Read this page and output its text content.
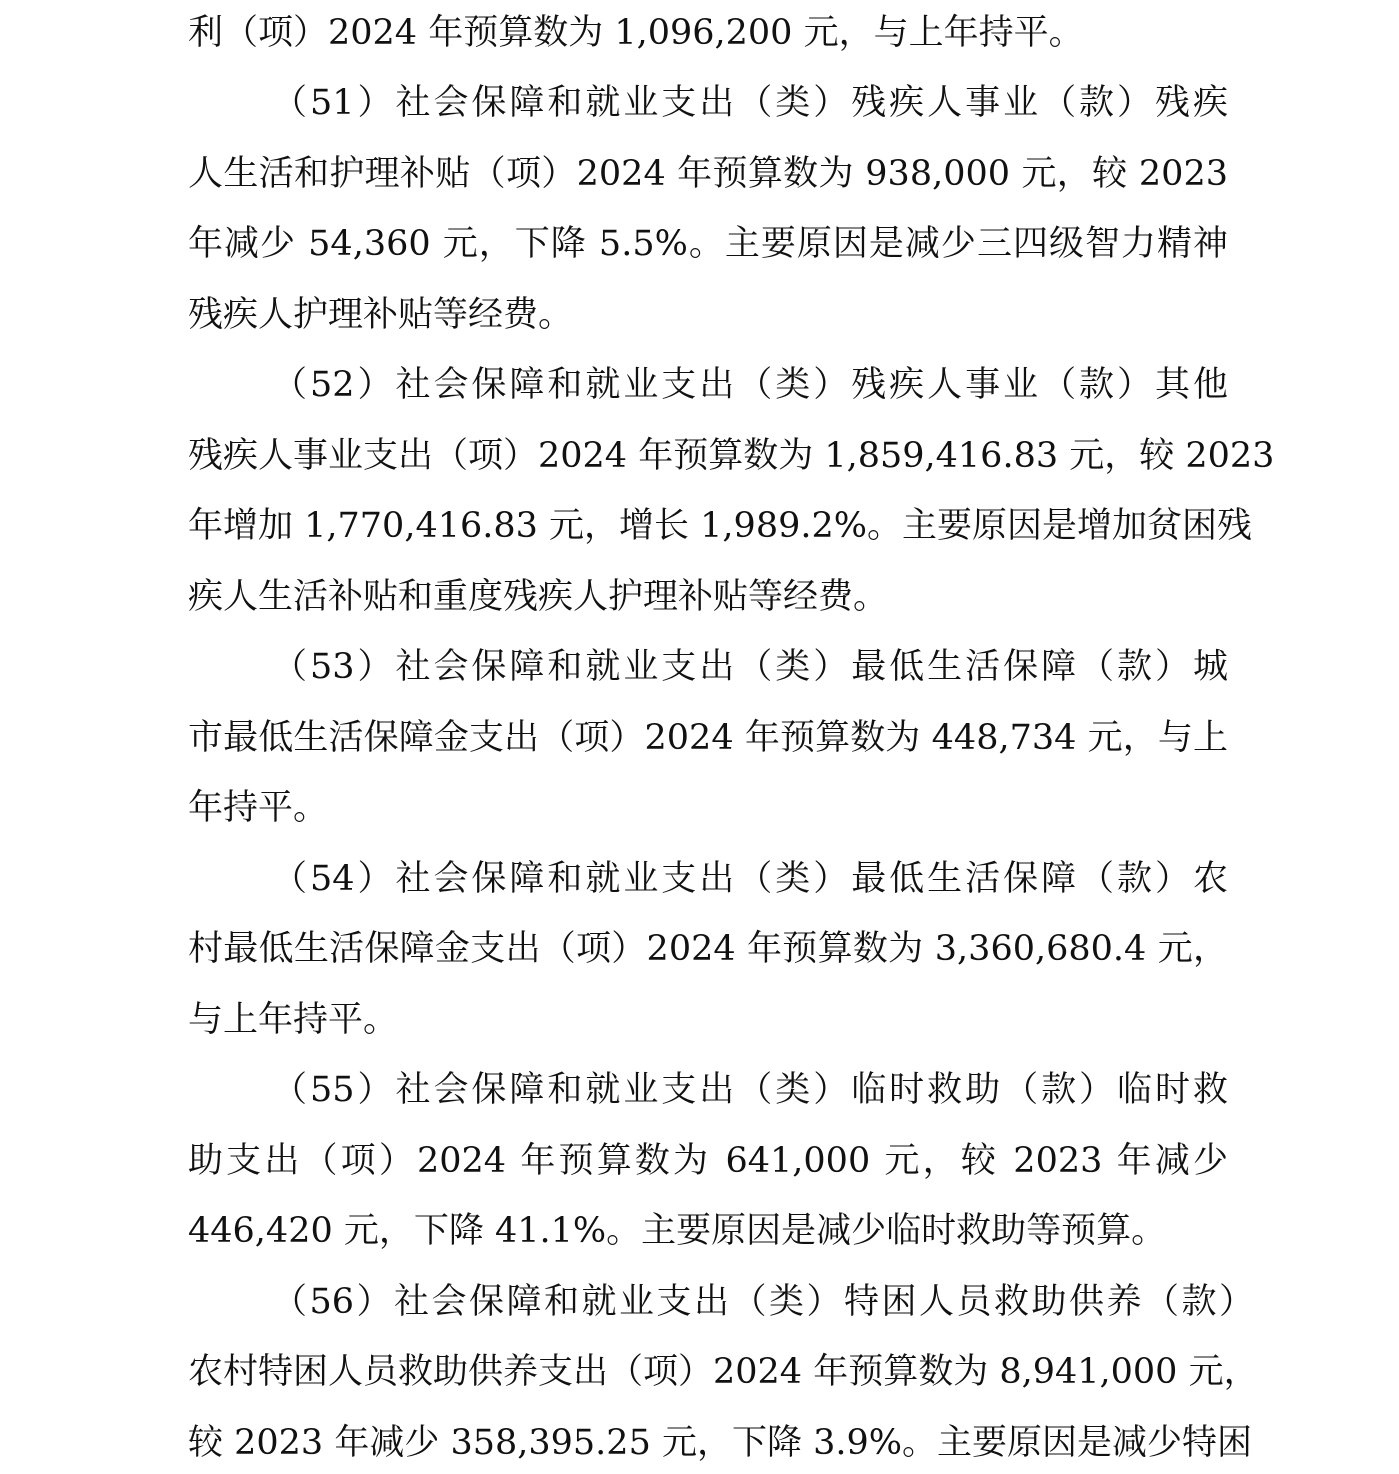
利（项）2024 年预算数为 1,096,200 元，与上年持平。
（51）社会保障和就业支出（类）残疾人事业（款）残疾
人生活和护理补贴（项）2024 年预算数为 938,000 元，较 2023
年减少 54,360 元，下降 5.5%。主要原因是减少三四级智力精神
残疾人护理补贴等经费。
（52）社会保障和就业支出（类）残疾人事业（款）其他
残疾人事业支出（项）2024 年预算数为 1,859,416.83 元，较 2023
年增加 1,770,416.83 元，增长 1,989.2%。主要原因是增加贫困残
疾人生活补贴和重度残疾人护理补贴等经费。
（53）社会保障和就业支出（类）最低生活保障（款）城
市最低生活保障金支出（项）2024 年预算数为 448,734 元，与上
年持平。
（54）社会保障和就业支出（类）最低生活保障（款）农
村最低生活保障金支出（项）2024 年预算数为 3,360,680.4 元，
与上年持平。
（55）社会保障和就业支出（类）临时救助（款）临时救
助支出（项）2024 年预算数为 641,000 元，较 2023 年减少
446,420 元，下降 41.1%。主要原因是减少临时救助等预算。
（56）社会保障和就业支出（类）特困人员救助供养（款）
农村特困人员救助供养支出（项）2024 年预算数为 8,941,000 元，
较 2023 年减少 358,395.25 元，下降 3.9%。主要原因是减少特困
